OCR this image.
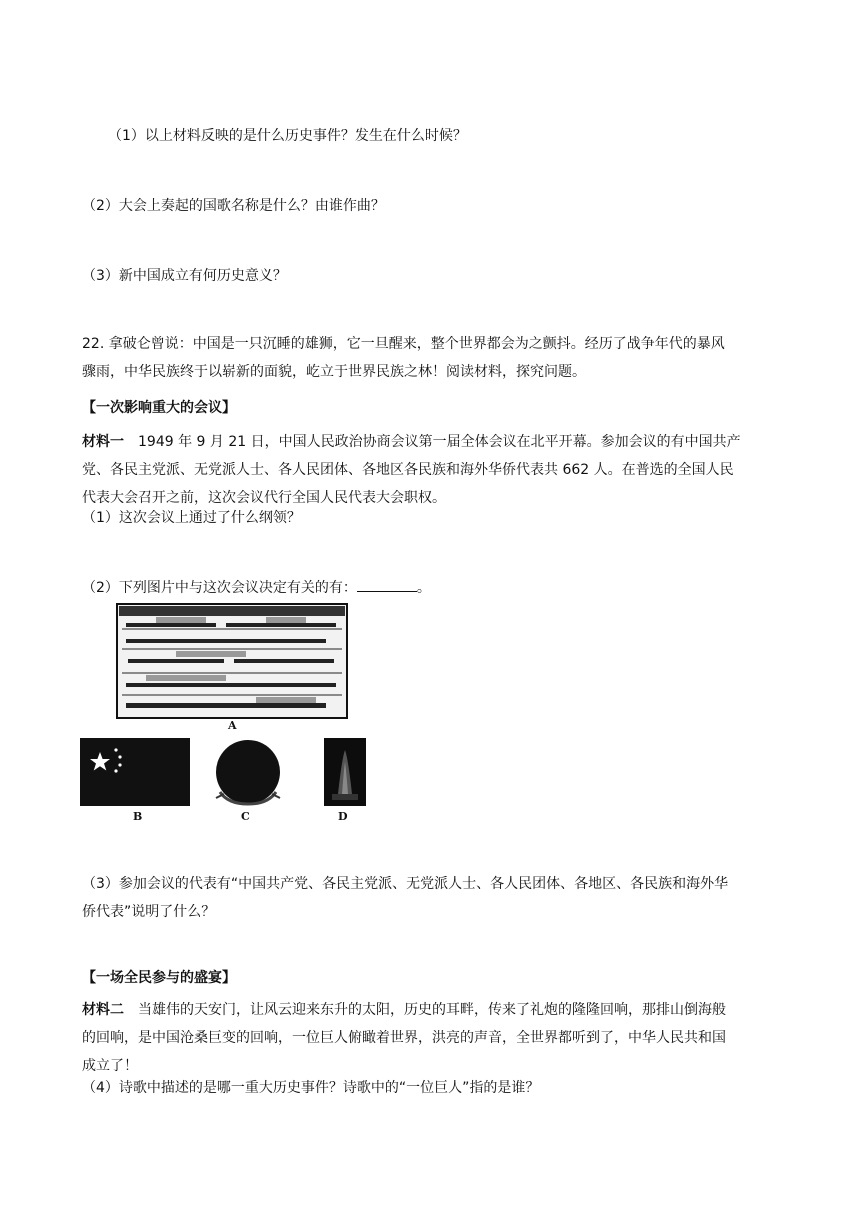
（1）以上材料反映的是什么历史事件？发生在什么时候？
（2）大会上奏起的国歌名称是什么？由谁作曲？
（3）新中国成立有何历史意义？
22. 拿破仑曾说：中国是一只沉睡的雄狮，它一旦醒来，整个世界都会为之颤抖。经历了战争年代的暴风
骤雨，中华民族终于以崭新的面貌，屹立于世界民族之林！阅读材料，探究问题。
【一次影响重大的会议】
材料一　1949 年 9 月 21 日，中国人民政治协商会议第一届全体会议在北平开幕。参加会议的有中国共产
党、各民主党派、无党派人士、各人民团体、各地区各民族和海外华侨代表共 662 人。在普选的全国人民
代表大会召开之前，这次会议代行全国人民代表大会职权。
（1）这次会议上通过了什么纲领？
（2）下列图片中与这次会议决定有关的有：	。
A
B	C	D
（3）参加会议的代表有“中国共产党、各民主党派、无党派人士、各人民团体、各地区、各民族和海外华
侨代表”说明了什么？
【一场全民参与的盛宴】
材料二　当雄伟的天安门，让风云迎来东升的太阳，历史的耳畔，传来了礼炮的隆隆回响，那排山倒海般
的回响，是中国沧桑巨变的回响，一位巨人俯瞰着世界，洪亮的声音，全世界都听到了，中华人民共和国
成立了！
（4）诗歌中描述的是哪一重大历史事件？诗歌中的“一位巨人”指的是谁？
